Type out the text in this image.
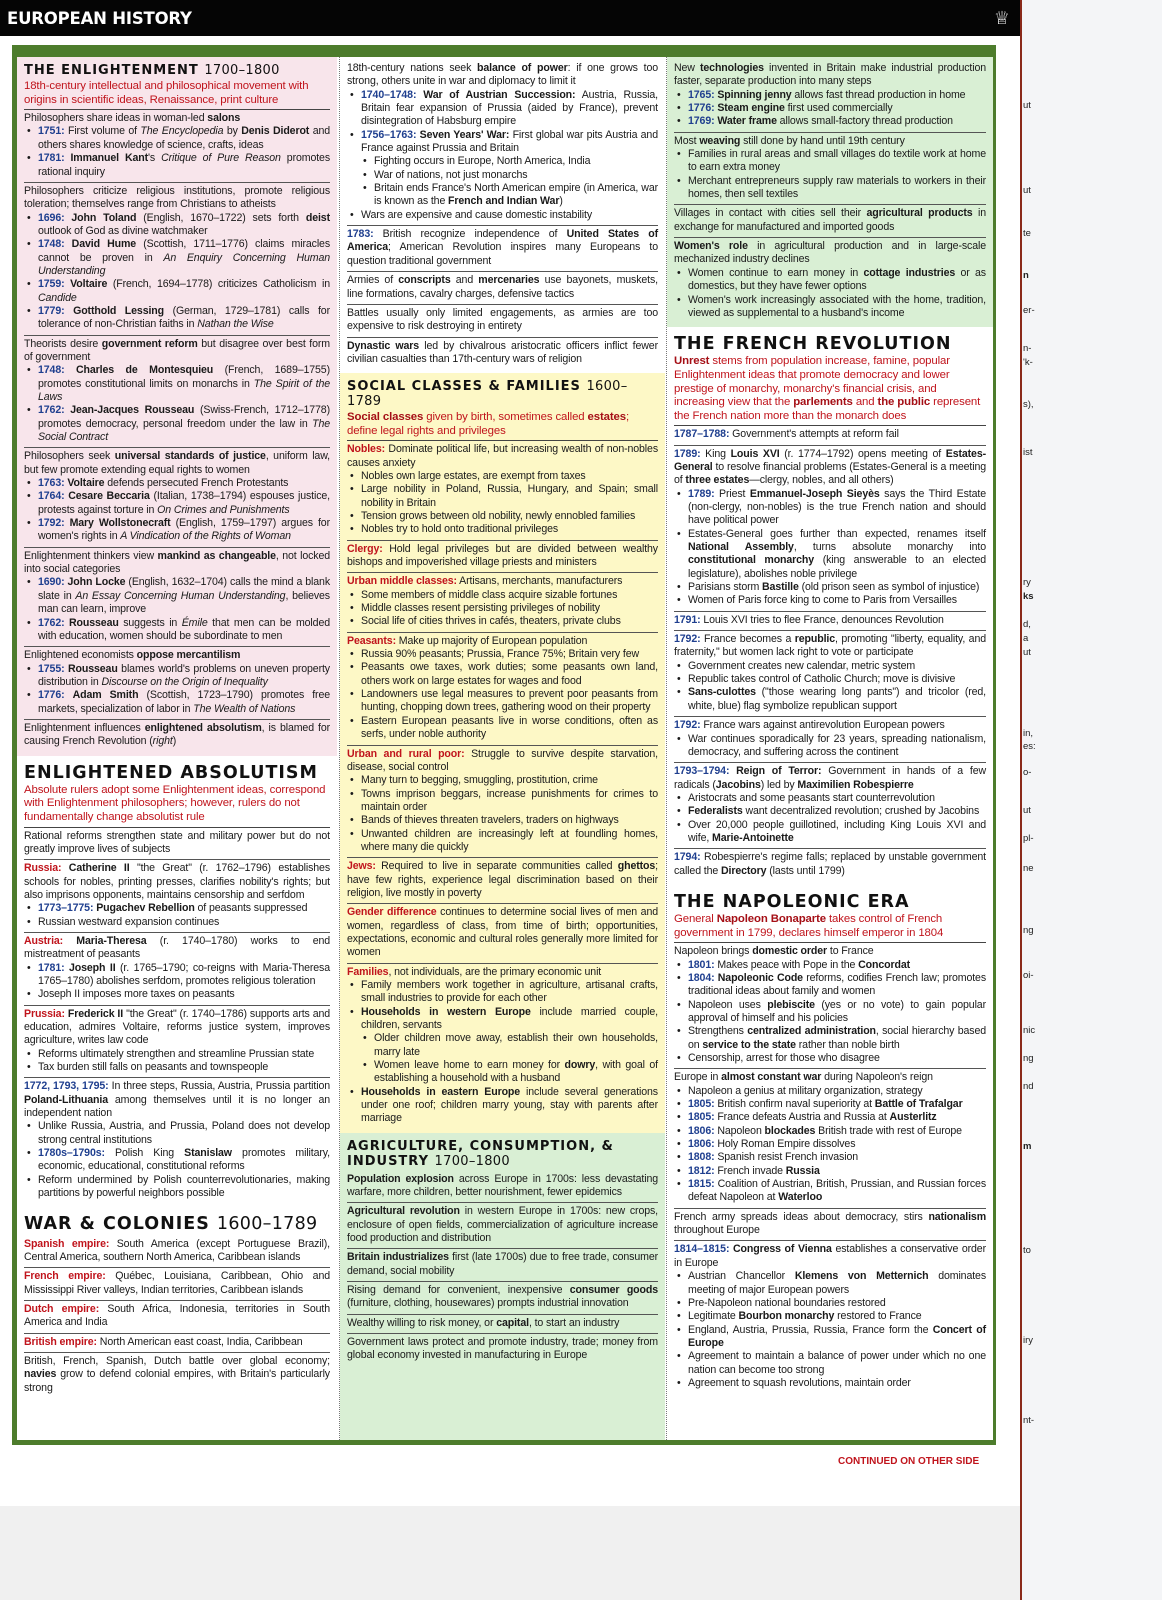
ut
ut
te
n
er-
n-
'k-
s),
ist
ry
ks
d,
a
ut
in,
es:
o-
ut
pl-
ne
ng
oi-
nic
ng
nd
m
to
iry
nt-
EUROPEAN HISTORY	♕
THE ENLIGHTENMENT 1700–1800

18th-century intellectual and philosophical movement with origins in scientific ideas, Renaissance, print culture

Philosophers share ideas in woman-led salons

• 1751: First volume of The Encyclopedia by Denis Diderot and others shares knowledge of science, crafts, ideas
• 1781: Immanuel Kant's Critique of Pure Reason promotes rational inquiry

Philosophers criticize religious institutions, promote religious toleration; themselves range from Christians to atheists

• 1696: John Toland (English, 1670–1722) sets forth deist outlook of God as divine watchmaker
• 1748: David Hume (Scottish, 1711–1776) claims miracles cannot be proven in An Enquiry Concerning Human Understanding
• 1759: Voltaire (French, 1694–1778) criticizes Catholicism in Candide
• 1779: Gotthold Lessing (German, 1729–1781) calls for tolerance of non-Christian faiths in Nathan the Wise

Theorists desire government reform but disagree over best form of government

• 1748: Charles de Montesquieu (French, 1689–1755) promotes constitutional limits on monarchs in The Spirit of the Laws
• 1762: Jean-Jacques Rousseau (Swiss-French, 1712–1778) promotes democracy, personal freedom under the law in The Social Contract

Philosophers seek universal standards of justice, uniform law, but few promote extending equal rights to women

• 1763: Voltaire defends persecuted French Protestants
• 1764: Cesare Beccaria (Italian, 1738–1794) espouses justice, protests against torture in On Crimes and Punishments
• 1792: Mary Wollstonecraft (English, 1759–1797) argues for women's rights in A Vindication of the Rights of Woman

Enlightenment thinkers view mankind as changeable, not locked into social categories

• 1690: John Locke (English, 1632–1704) calls the mind a blank slate in An Essay Concerning Human Understanding, believes man can learn, improve
• 1762: Rousseau suggests in Émile that men can be molded with education, women should be subordinate to men

Enlightened economists oppose mercantilism

• 1755: Rousseau blames world's problems on uneven property distribution in Discourse on the Origin of Inequality
• 1776: Adam Smith (Scottish, 1723–1790) promotes free markets, specialization of labor in The Wealth of Nations

Enlightenment influences enlightened absolutism, is blamed for causing French Revolution (right)

ENLIGHTENED ABSOLUTISM

Absolute rulers adopt some Enlightenment ideas, correspond with Enlightenment philosophers; however, rulers do not fundamentally change absolutist rule

Rational reforms strengthen state and military power but do not greatly improve lives of subjects

Russia: Catherine II "the Great" (r. 1762–1796) establishes schools for nobles, printing presses, clarifies nobility's rights; but also imprisons opponents, maintains censorship and serfdom

• 1773–1775: Pugachev Rebellion of peasants suppressed
• Russian westward expansion continues

Austria: Maria-Theresa (r. 1740–1780) works to end mistreatment of peasants

• 1781: Joseph II (r. 1765–1790; co-reigns with Maria-Theresa 1765–1780) abolishes serfdom, promotes religious toleration
• Joseph II imposes more taxes on peasants

Prussia: Frederick II "the Great" (r. 1740–1786) supports arts and education, admires Voltaire, reforms justice system, improves agriculture, writes law code

• Reforms ultimately strengthen and streamline Prussian state
• Tax burden still falls on peasants and townspeople

1772, 1793, 1795: In three steps, Russia, Austria, Prussia partition Poland-Lithuania among themselves until it is no longer an independent nation

• Unlike Russia, Austria, and Prussia, Poland does not develop strong central institutions
• 1780s–1790s: Polish King Stanislaw promotes military, economic, educational, constitutional reforms
• Reform undermined by Polish counterrevolutionaries, making partitions by powerful neighbors possible
WAR & COLONIES 1600–1789

Spanish empire: South America (except Portuguese Brazil), Central America, southern North America, Caribbean islands

French empire: Québec, Louisiana, Caribbean, Ohio and Mississippi River valleys, Indian territories, Caribbean islands

Dutch empire: South Africa, Indonesia, territories in South America and India

British empire: North American east coast, India, Caribbean

British, French, Spanish, Dutch battle over global economy; navies grow to defend colonial empires, with Britain's particularly strong

18th-century nations seek balance of power: if one grows too strong, others unite in war and diplomacy to limit it

• 1740–1748: War of Austrian Succession: Austria, Russia, Britain fear expansion of Prussia (aided by France), prevent disintegration of Habsburg empire
• 1756–1763: Seven Years' War: First global war pits Austria and France against Prussia and Britain
• Fighting occurs in Europe, North America, India
• War of nations, not just monarchs
• Britain ends France's North American empire (in America, war is known as the French and Indian War)
• Wars are expensive and cause domestic instability

1783: British recognize independence of United States of America; American Revolution inspires many Europeans to question traditional government

Armies of conscripts and mercenaries use bayonets, muskets, line formations, cavalry charges, defensive tactics

Battles usually only limited engagements, as armies are too expensive to risk destroying in entirety

Dynastic wars led by chivalrous aristocratic officers inflict fewer civilian casualties than 17th-century wars of religion

SOCIAL CLASSES & FAMILIES 1600–1789

Social classes given by birth, sometimes called estates; define legal rights and privileges

Nobles: Dominate political life, but increasing wealth of non-nobles causes anxiety

• Nobles own large estates, are exempt from taxes
• Large nobility in Poland, Russia, Hungary, and Spain; small nobility in Britain
• Tension grows between old nobility, newly ennobled families
• Nobles try to hold onto traditional privileges

Clergy: Hold legal privileges but are divided between wealthy bishops and impoverished village priests and ministers

Urban middle classes: Artisans, merchants, manufacturers

• Some members of middle class acquire sizable fortunes
• Middle classes resent persisting privileges of nobility
• Social life of cities thrives in cafés, theaters, private clubs

Peasants: Make up majority of European population

• Russia 90% peasants; Prussia, France 75%; Britain very few
• Peasants owe taxes, work duties; some peasants own land, others work on large estates for wages and food
• Landowners use legal measures to prevent poor peasants from hunting, chopping down trees, gathering wood on their property
• Eastern European peasants live in worse conditions, often as serfs, under noble authority

Urban and rural poor: Struggle to survive despite starvation, disease, social control

• Many turn to begging, smuggling, prostitution, crime
• Towns imprison beggars, increase punishments for crimes to maintain order
• Bands of thieves threaten travelers, traders on highways
• Unwanted children are increasingly left at foundling homes, where many die quickly

Jews: Required to live in separate communities called ghettos; have few rights, experience legal discrimination based on their religion, live mostly in poverty

Gender difference continues to determine social lives of men and women, regardless of class, from time of birth; opportunities, expectations, economic and cultural roles generally more limited for women

Families, not individuals, are the primary economic unit

• Family members work together in agriculture, artisanal crafts, small industries to provide for each other
• Households in western Europe include married couple, children, servants
• Older children move away, establish their own households, marry late
• Women leave home to earn money for dowry, with goal of establishing a household with a husband
• Households in eastern Europe include several generations under one roof; children marry young, stay with parents after marriage
AGRICULTURE, CONSUMPTION, & INDUSTRY 1700–1800

Population explosion across Europe in 1700s: less devastating warfare, more children, better nourishment, fewer epidemics

Agricultural revolution in western Europe in 1700s: new crops, enclosure of open fields, commercialization of agriculture increase food production and distribution

Britain industrializes first (late 1700s) due to free trade, consumer demand, social mobility

Rising demand for convenient, inexpensive consumer goods (furniture, clothing, housewares) prompts industrial innovation

Wealthy willing to risk money, or capital, to start an industry

Government laws protect and promote industry, trade; money from global economy invested in manufacturing in Europe

New technologies invented in Britain make industrial production faster, separate production into many steps

• 1765: Spinning jenny allows fast thread production in home
• 1776: Steam engine first used commercially
• 1769: Water frame allows small-factory thread production

Most weaving still done by hand until 19th century

• Families in rural areas and small villages do textile work at home to earn extra money
• Merchant entrepreneurs supply raw materials to workers in their homes, then sell textiles

Villages in contact with cities sell their agricultural products in exchange for manufactured and imported goods

Women's role in agricultural production and in large-scale mechanized industry declines

• Women continue to earn money in cottage industries or as domestics, but they have fewer options
• Women's work increasingly associated with the home, tradition, viewed as supplemental to a husband's income
THE FRENCH REVOLUTION

Unrest stems from population increase, famine, popular Enlightenment ideas that promote democracy and lower prestige of monarchy, monarchy's financial crisis, and increasing view that the parlements and the public represent the French nation more than the monarch does

1787–1788: Government's attempts at reform fail

1789: King Louis XVI (r. 1774–1792) opens meeting of Estates-General to resolve financial problems (Estates-General is a meeting of three estates—clergy, nobles, and all others)

• 1789: Priest Emmanuel-Joseph Sieyès says the Third Estate (non-clergy, non-nobles) is the true French nation and should have political power
• Estates-General goes further than expected, renames itself National Assembly, turns absolute monarchy into constitutional monarchy (king answerable to an elected legislature), abolishes noble privilege
• Parisians storm Bastille (old prison seen as symbol of injustice)
• Women of Paris force king to come to Paris from Versailles

1791: Louis XVI tries to flee France, denounces Revolution

1792: France becomes a republic, promoting "liberty, equality, and fraternity," but women lack right to vote or participate

• Government creates new calendar, metric system
• Republic takes control of Catholic Church; move is divisive
• Sans-culottes ("those wearing long pants") and tricolor (red, white, blue) flag symbolize republican support

1792: France wars against antirevolution European powers

• War continues sporadically for 23 years, spreading nationalism, democracy, and suffering across the continent

1793–1794: Reign of Terror: Government in hands of a few radicals (Jacobins) led by Maximilien Robespierre

• Aristocrats and some peasants start counterrevolution
• Federalists want decentralized revolution; crushed by Jacobins
• Over 20,000 people guillotined, including King Louis XVI and wife, Marie-Antoinette

1794: Robespierre's regime falls; replaced by unstable government called the Directory (lasts until 1799)

THE NAPOLEONIC ERA

General Napoleon Bonaparte takes control of French government in 1799, declares himself emperor in 1804

Napoleon brings domestic order to France

• 1801: Makes peace with Pope in the Concordat
• 1804: Napoleonic Code reforms, codifies French law; promotes traditional ideas about family and women
• Napoleon uses plebiscite (yes or no vote) to gain popular approval of himself and his policies
• Strengthens centralized administration, social hierarchy based on service to the state rather than noble birth
• Censorship, arrest for those who disagree

Europe in almost constant war during Napoleon's reign

• Napoleon a genius at military organization, strategy
• 1805: British confirm naval superiority at Battle of Trafalgar
• 1805: France defeats Austria and Russia at Austerlitz
• 1806: Napoleon blockades British trade with rest of Europe
• 1806: Holy Roman Empire dissolves
• 1808: Spanish resist French invasion
• 1812: French invade Russia
• 1815: Coalition of Austrian, British, Prussian, and Russian forces defeat Napoleon at Waterloo

French army spreads ideas about democracy, stirs nationalism throughout Europe

1814–1815: Congress of Vienna establishes a conservative order in Europe

• Austrian Chancellor Klemens von Metternich dominates meeting of major European powers
• Pre-Napoleon national boundaries restored
• Legitimate Bourbon monarchy restored to France
• England, Austria, Prussia, Russia, France form the Concert of Europe
• Agreement to maintain a balance of power under which no one nation can become too strong
• Agreement to squash revolutions, maintain order
CONTINUED ON OTHER SIDE
